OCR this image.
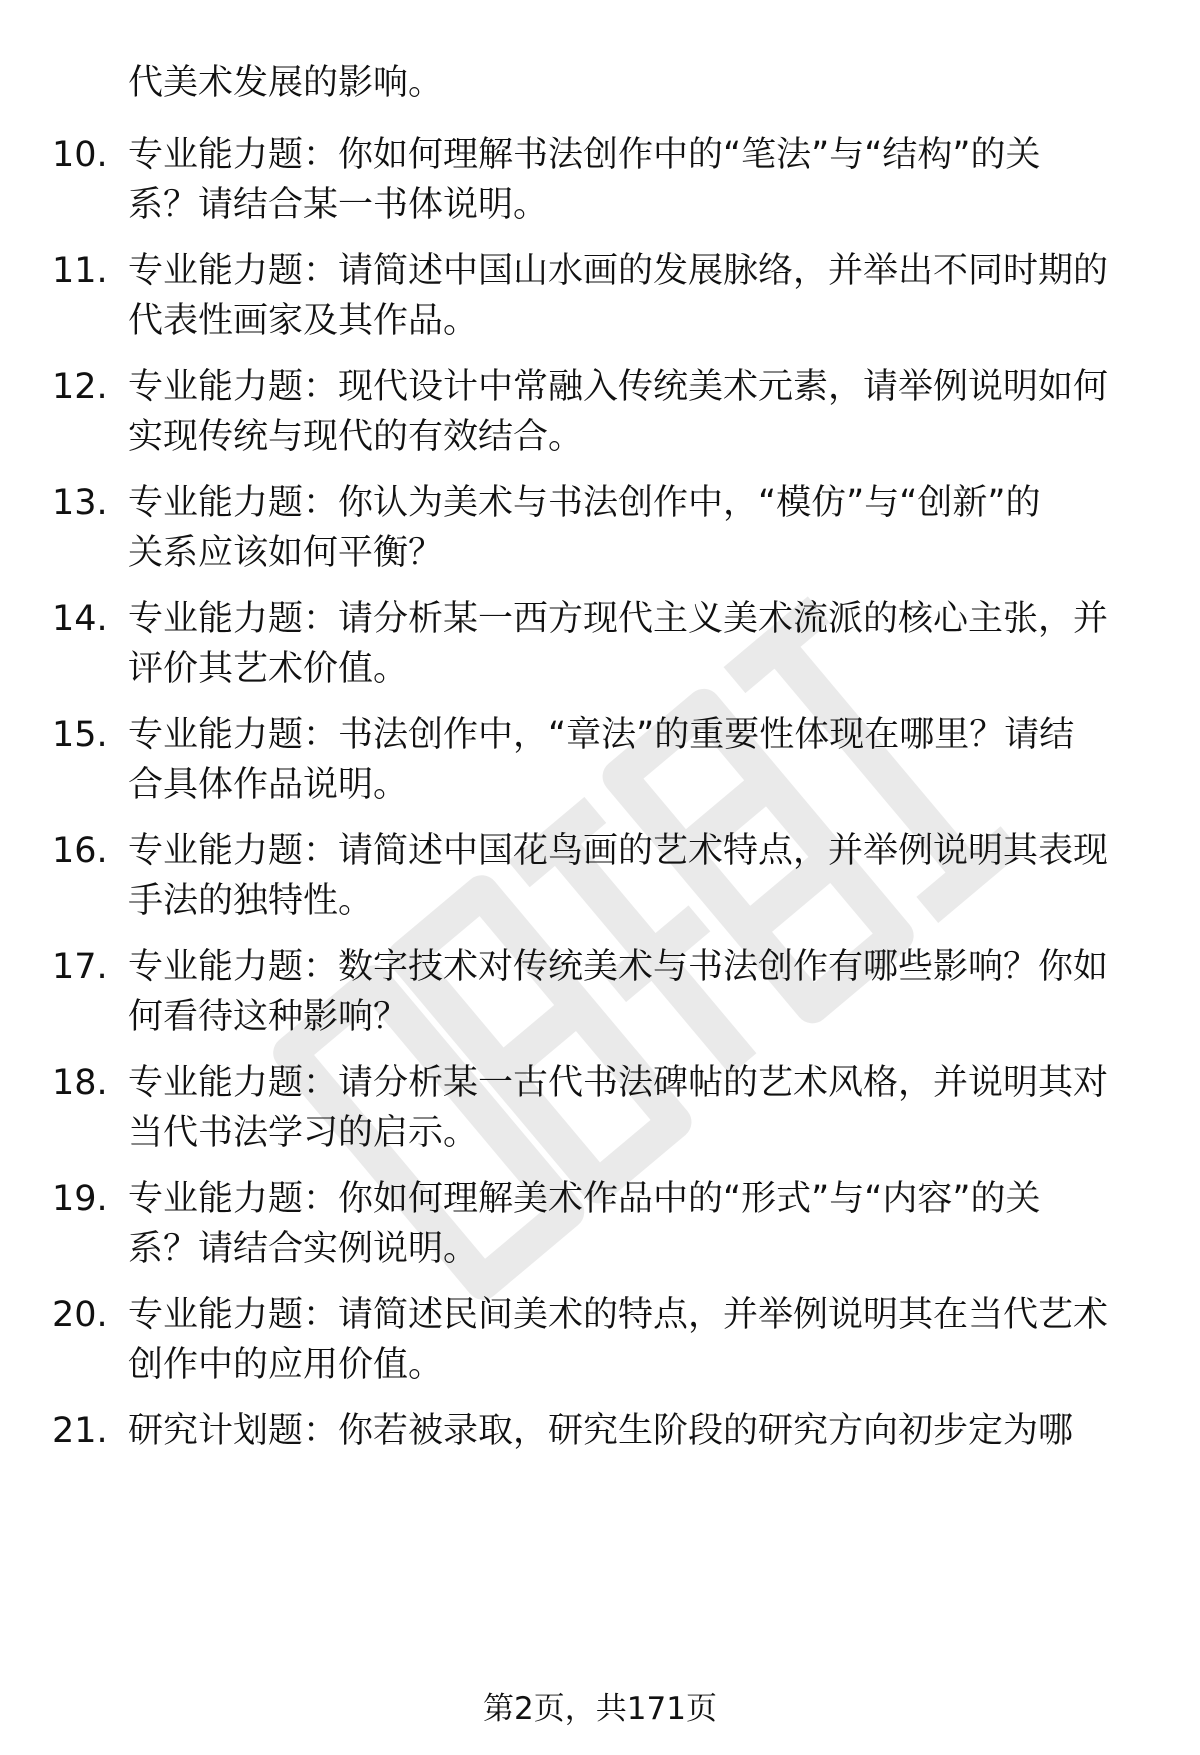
代美术发展的影响。
10. 专业能力题：你如何理解书法创作中的“笔法”与“结构”的关
系？请结合某一书体说明。
11. 专业能力题：请简述中国山水画的发展脉络，并举出不同时期的
代表性画家及其作品。
12. 专业能力题：现代设计中常融入传统美术元素，请举例说明如何
实现传统与现代的有效结合。
13. 专业能力题：你认为美术与书法创作中，“模仿”与“创新”的
关系应该如何平衡？
14. 专业能力题：请分析某一西方现代主义美术流派的核心主张，并
评价其艺术价值。
15. 专业能力题：书法创作中，“章法”的重要性体现在哪里？请结
合具体作品说明。
16. 专业能力题：请简述中国花鸟画的艺术特点，并举例说明其表现
手法的独特性。
17. 专业能力题：数字技术对传统美术与书法创作有哪些影响？你如
何看待这种影响？
18. 专业能力题：请分析某一古代书法碑帖的艺术风格，并说明其对
当代书法学习的启示。
19. 专业能力题：你如何理解美术作品中的“形式”与“内容”的关
系？请结合实例说明。
20. 专业能力题：请简述民间美术的特点，并举例说明其在当代艺术
创作中的应用价值。
21. 研究计划题：你若被录取，研究生阶段的研究方向初步定为哪
第2页，共171页
